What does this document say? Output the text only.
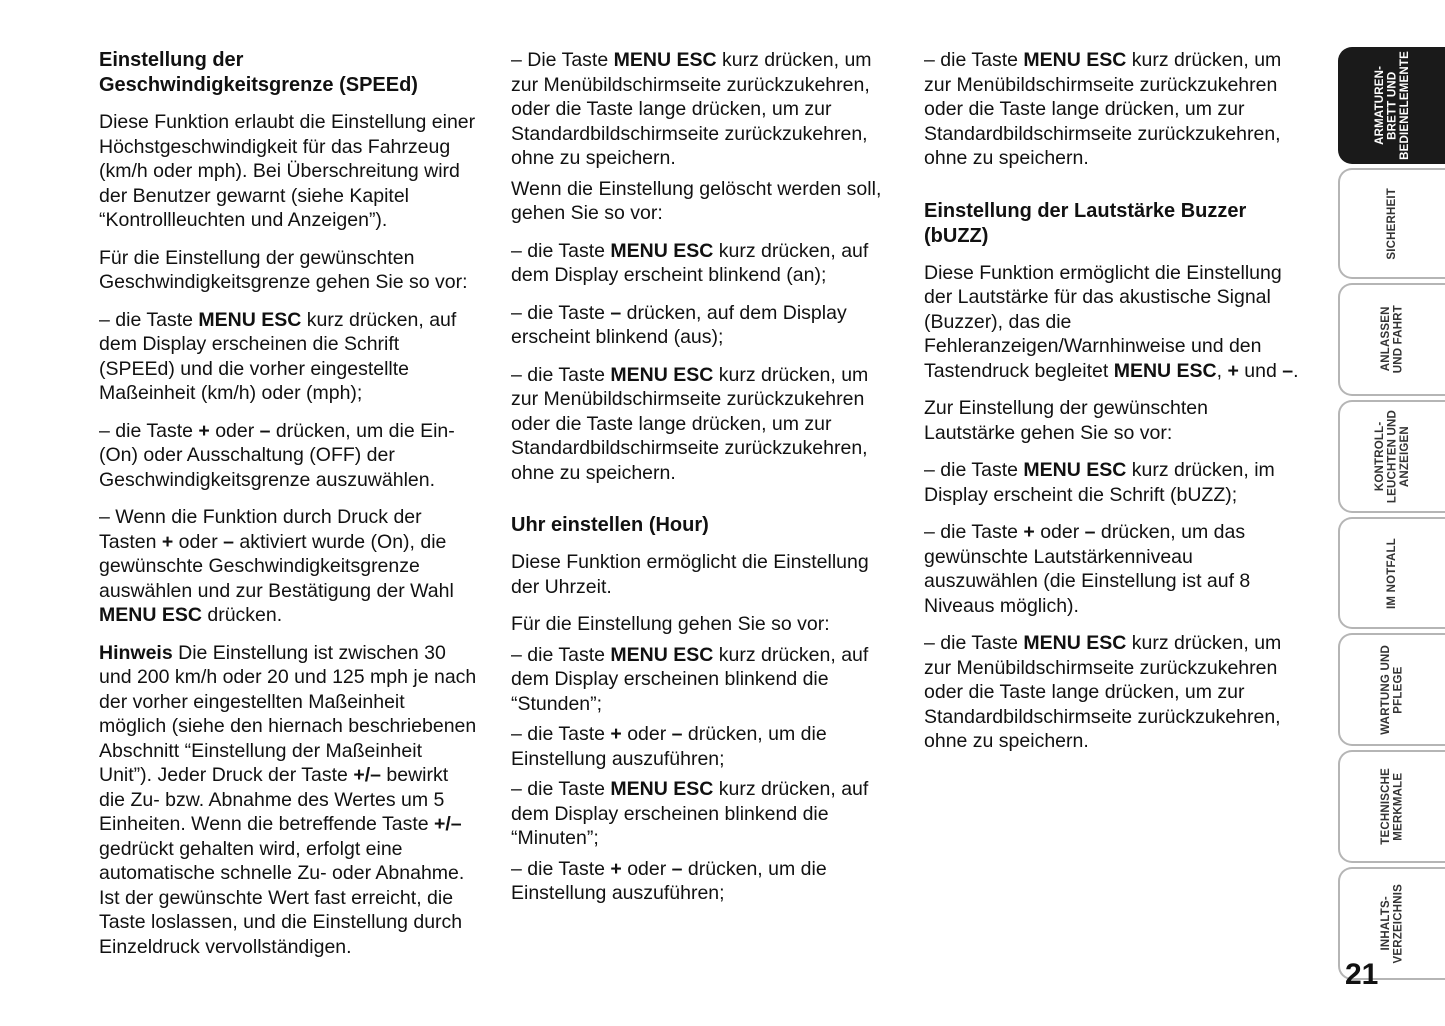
Einstellung der Geschwindigkeitsgrenze (SPEEd)

Diese Funktion erlaubt die Einstellung einer Höchstgeschwindigkeit für das Fahrzeug (km/h oder mph). Bei Überschreitung wird der Benutzer gewarnt (siehe Kapitel “Kontrollleuchten und Anzeigen”).

Für die Einstellung der gewünschten Geschwindigkeitsgrenze gehen Sie so vor:

– die Taste MENU ESC kurz drücken, auf dem Display erscheinen die Schrift (SPEEd) und die vorher eingestellte Maßeinheit (km/h) oder (mph);

– die Taste + oder – drücken, um die Ein- (On) oder Ausschaltung (OFF) der Geschwindigkeitsgrenze auszuwählen.

– Wenn die Funktion durch Druck der Tasten + oder – aktiviert wurde (On), die gewünschte Geschwindigkeitsgrenze auswählen und zur Bestätigung der Wahl MENU ESC drücken.

Hinweis Die Einstellung ist zwischen 30 und 200 km/h oder 20 und 125 mph je nach der vorher eingestellten Maßeinheit möglich (siehe den hiernach beschriebenen Abschnitt “Einstellung der Maßeinheit Unit”). Jeder Druck der Taste +/– bewirkt die Zu- bzw. Abnahme des Wertes um 5 Einheiten. Wenn die betreffende Taste +/– gedrückt gehalten wird, erfolgt eine automatische schnelle Zu- oder Abnahme. Ist der gewünschte Wert fast erreicht, die Taste loslassen, und die Einstellung durch Einzeldruck vervollständigen.

– Die Taste MENU ESC kurz drücken, um zur Menübildschirmseite zurückzukehren, oder die Taste lange drücken, um zur Standardbildschirmseite zurückzukehren, ohne zu speichern.

Wenn die Einstellung gelöscht werden soll, gehen Sie so vor:

– die Taste MENU ESC kurz drücken, auf dem Display erscheint blinkend (an);

– die Taste – drücken, auf dem Display erscheint blinkend (aus);

– die Taste MENU ESC kurz drücken, um zur Menübildschirmseite zurückzukehren oder die Taste lange drücken, um zur Standardbildschirmseite zurückzukehren, ohne zu speichern.

Uhr einstellen (Hour)

Diese Funktion ermöglicht die Einstellung der Uhrzeit.

Für die Einstellung gehen Sie so vor:

– die Taste MENU ESC kurz drücken, auf dem Display erscheinen blinkend die “Stunden”;

– die Taste + oder – drücken, um die Einstellung auszuführen;

– die Taste MENU ESC kurz drücken, auf dem Display erscheinen blinkend die “Minuten”;

– die Taste + oder – drücken, um die Einstellung auszuführen;

– die Taste MENU ESC kurz drücken, um zur Menübildschirmseite zurückzukehren oder die Taste lange drücken, um zur Standardbildschirmseite zurückzukehren, ohne zu speichern.

Einstellung der Lautstärke Buzzer (bUZZ)

Diese Funktion ermöglicht die Einstellung der Lautstärke für das akustische Signal (Buzzer), das die Fehleranzeigen/Warnhinweise und den Tastendruck begleitet MENU ESC, + und –.

Zur Einstellung der gewünschten Lautstärke gehen Sie so vor:

– die Taste MENU ESC kurz drücken, im Display erscheint die Schrift (bUZZ);

– die Taste + oder – drücken, um das gewünschte Lautstärkenniveau auszuwählen (die Einstellung ist auf 8 Niveaus möglich).

– die Taste MENU ESC kurz drücken, um zur Menübildschirmseite zurückzukehren oder die Taste lange drücken, um zur Standardbildschirmseite zurückzukehren, ohne zu speichern.

ARMATUREN-
BRETT UND
BEDIENELEMENTE
SICHERHEIT
ANLASSEN
UND FAHRT
KONTROLL-
LEUCHTEN UND
ANZEIGEN
IM NOTFALL
WARTUNG UND
PFLEGE
TECHNISCHE
MERKMALE
INHALTS-
VERZEICHNIS
21
